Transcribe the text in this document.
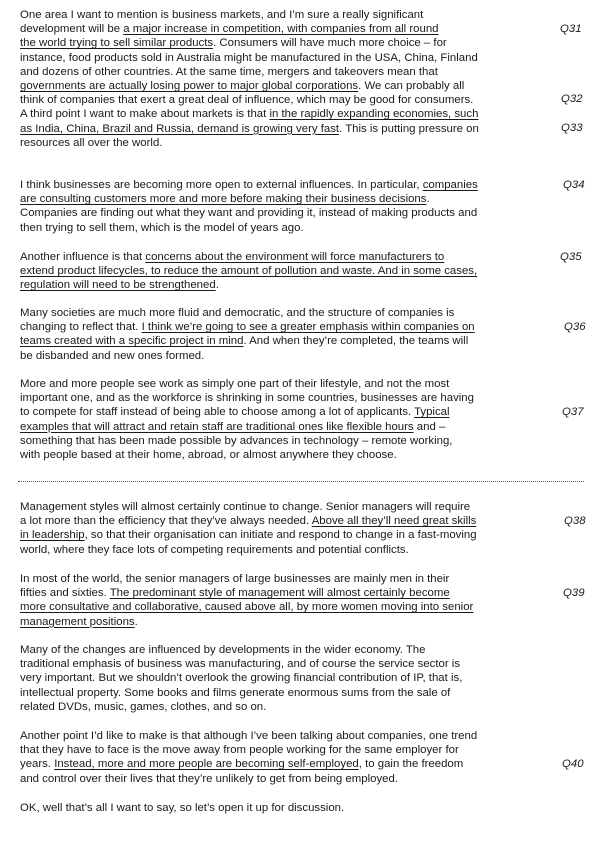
One area I want to mention is business markets, and I’m sure a really significant
development will be a major increase in competition, with companies from all round
the world trying to sell similar products. Consumers will have much more choice – for
instance, food products sold in Australia might be manufactured in the USA, China, Finland
and dozens of other countries. At the same time, mergers and takeovers mean that
governments are actually losing power to major global corporations. We can probably all
think of companies that exert a great deal of influence, which may be good for consumers.
A third point I want to make about markets is that in the rapidly expanding economies, such
as India, China, Brazil and Russia, demand is growing very fast. This is putting pressure on
resources all over the world.
I think businesses are becoming more open to external influences. In particular, companies
are consulting customers more and more before making their business decisions.
Companies are finding out what they want and providing it, instead of making products and
then trying to sell them, which is the model of years ago.
Another influence is that concerns about the environment will force manufacturers to
extend product lifecycles, to reduce the amount of pollution and waste. And in some cases,
regulation will need to be strengthened.
Many societies are much more fluid and democratic, and the structure of companies is
changing to reflect that. I think we’re going to see a greater emphasis within companies on
teams created with a specific project in mind. And when they’re completed, the teams will
be disbanded and new ones formed.
More and more people see work as simply one part of their lifestyle, and not the most
important one, and as the workforce is shrinking in some countries, businesses are having
to compete for staff instead of being able to choose among a lot of applicants. Typical
examples that will attract and retain staff are traditional ones like flexible hours and –
something that has been made possible by advances in technology – remote working,
with people based at their home, abroad, or almost anywhere they choose.
Management styles will almost certainly continue to change. Senior managers will require
a lot more than the efficiency that they’ve always needed. Above all they’ll need great skills
in leadership, so that their organisation can initiate and respond to change in a fast-moving
world, where they face lots of competing requirements and potential conflicts.
In most of the world, the senior managers of large businesses are mainly men in their
fifties and sixties. The predominant style of management will almost certainly become
more consultative and collaborative, caused above all, by more women moving into senior
management positions.
Many of the changes are influenced by developments in the wider economy. The
traditional emphasis of business was manufacturing, and of course the service sector is
very important. But we shouldn’t overlook the growing financial contribution of IP, that is,
intellectual property. Some books and films generate enormous sums from the sale of
related DVDs, music, games, clothes, and so on.
Another point I’d like to make is that although I’ve been talking about companies, one trend
that they have to face is the move away from people working for the same employer for
years. Instead, more and more people are becoming self-employed, to gain the freedom
and control over their lives that they’re unlikely to get from being employed.
OK, well that’s all I want to say, so let’s open it up for discussion.
Q31
Q32
Q33
Q34
Q35
Q36
Q37
Q38
Q39
Q40
